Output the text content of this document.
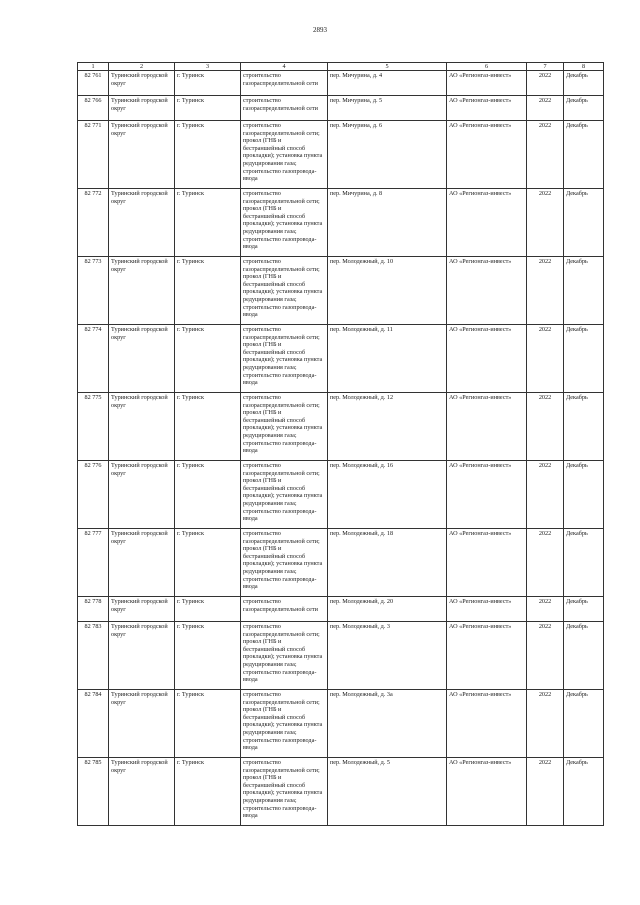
2893
1	2	3	4	5	6	7	8
82 761	Туринский городской округ	г. Туринск	строительство газораспределительной сети	пер. Мичурина, д. 4	АО «Регионгаз-инвест»	2022	Декабрь
82 766	Туринский городской округ	г. Туринск	строительство газораспределительной сети	пер. Мичурина, д. 5	АО «Регионгаз-инвест»	2022	Декабрь
82 771	Туринский городской округ	г. Туринск	строительство газораспределительной сети; прокол (ГНБ и бестраншейный способ прокладки); установка пункта редуцирования газа; строительство газопровода-ввода	пер. Мичурина, д. 6	АО «Регионгаз-инвест»	2022	Декабрь
82 772	Туринский городской округ	г. Туринск	строительство газораспределительной сети; прокол (ГНБ и бестраншейный способ прокладки); установка пункта редуцирования газа; строительство газопровода-ввода	пер. Мичурина, д. 8	АО «Регионгаз-инвест»	2022	Декабрь
82 773	Туринский городской округ	г. Туринск	строительство газораспределительной сети; прокол (ГНБ и бестраншейный способ прокладки); установка пункта редуцирования газа; строительство газопровода-ввода	пер. Молодежный, д. 10	АО «Регионгаз-инвест»	2022	Декабрь
82 774	Туринский городской округ	г. Туринск	строительство газораспределительной сети; прокол (ГНБ и бестраншейный способ прокладки); установка пункта редуцирования газа; строительство газопровода-ввода	пер. Молодежный, д. 11	АО «Регионгаз-инвест»	2022	Декабрь
82 775	Туринский городской округ	г. Туринск	строительство газораспределительной сети; прокол (ГНБ и бестраншейный способ прокладки); установка пункта редуцирования газа; строительство газопровода-ввода	пер. Молодежный, д. 12	АО «Регионгаз-инвест»	2022	Декабрь
82 776	Туринский городской округ	г. Туринск	строительство газораспределительной сети; прокол (ГНБ и бестраншейный способ прокладки); установка пункта редуцирования газа; строительство газопровода-ввода	пер. Молодежный, д. 16	АО «Регионгаз-инвест»	2022	Декабрь
82 777	Туринский городской округ	г. Туринск	строительство газораспределительной сети; прокол (ГНБ и бестраншейный способ прокладки); установка пункта редуцирования газа; строительство газопровода-ввода	пер. Молодежный, д. 18	АО «Регионгаз-инвест»	2022	Декабрь
82 778	Туринский городской округ	г. Туринск	строительство газораспределительной сети	пер. Молодежный, д. 20	АО «Регионгаз-инвест»	2022	Декабрь
82 783	Туринский городской округ	г. Туринск	строительство газораспределительной сети; прокол (ГНБ и бестраншейный способ прокладки); установка пункта редуцирования газа; строительство газопровода-ввода	пер. Молодежный, д. 3	АО «Регионгаз-инвест»	2022	Декабрь
82 784	Туринский городской округ	г. Туринск	строительство газораспределительной сети; прокол (ГНБ и бестраншейный способ прокладки); установка пункта редуцирования газа; строительство газопровода-ввода	пер. Молодежный, д. 3а	АО «Регионгаз-инвест»	2022	Декабрь
82 785	Туринский городской округ	г. Туринск	строительство газораспределительной сети; прокол (ГНБ и бестраншейный способ прокладки); установка пункта редуцирования газа; строительство газопровода-ввода	пер. Молодежный, д. 5	АО «Регионгаз-инвест»	2022	Декабрь
